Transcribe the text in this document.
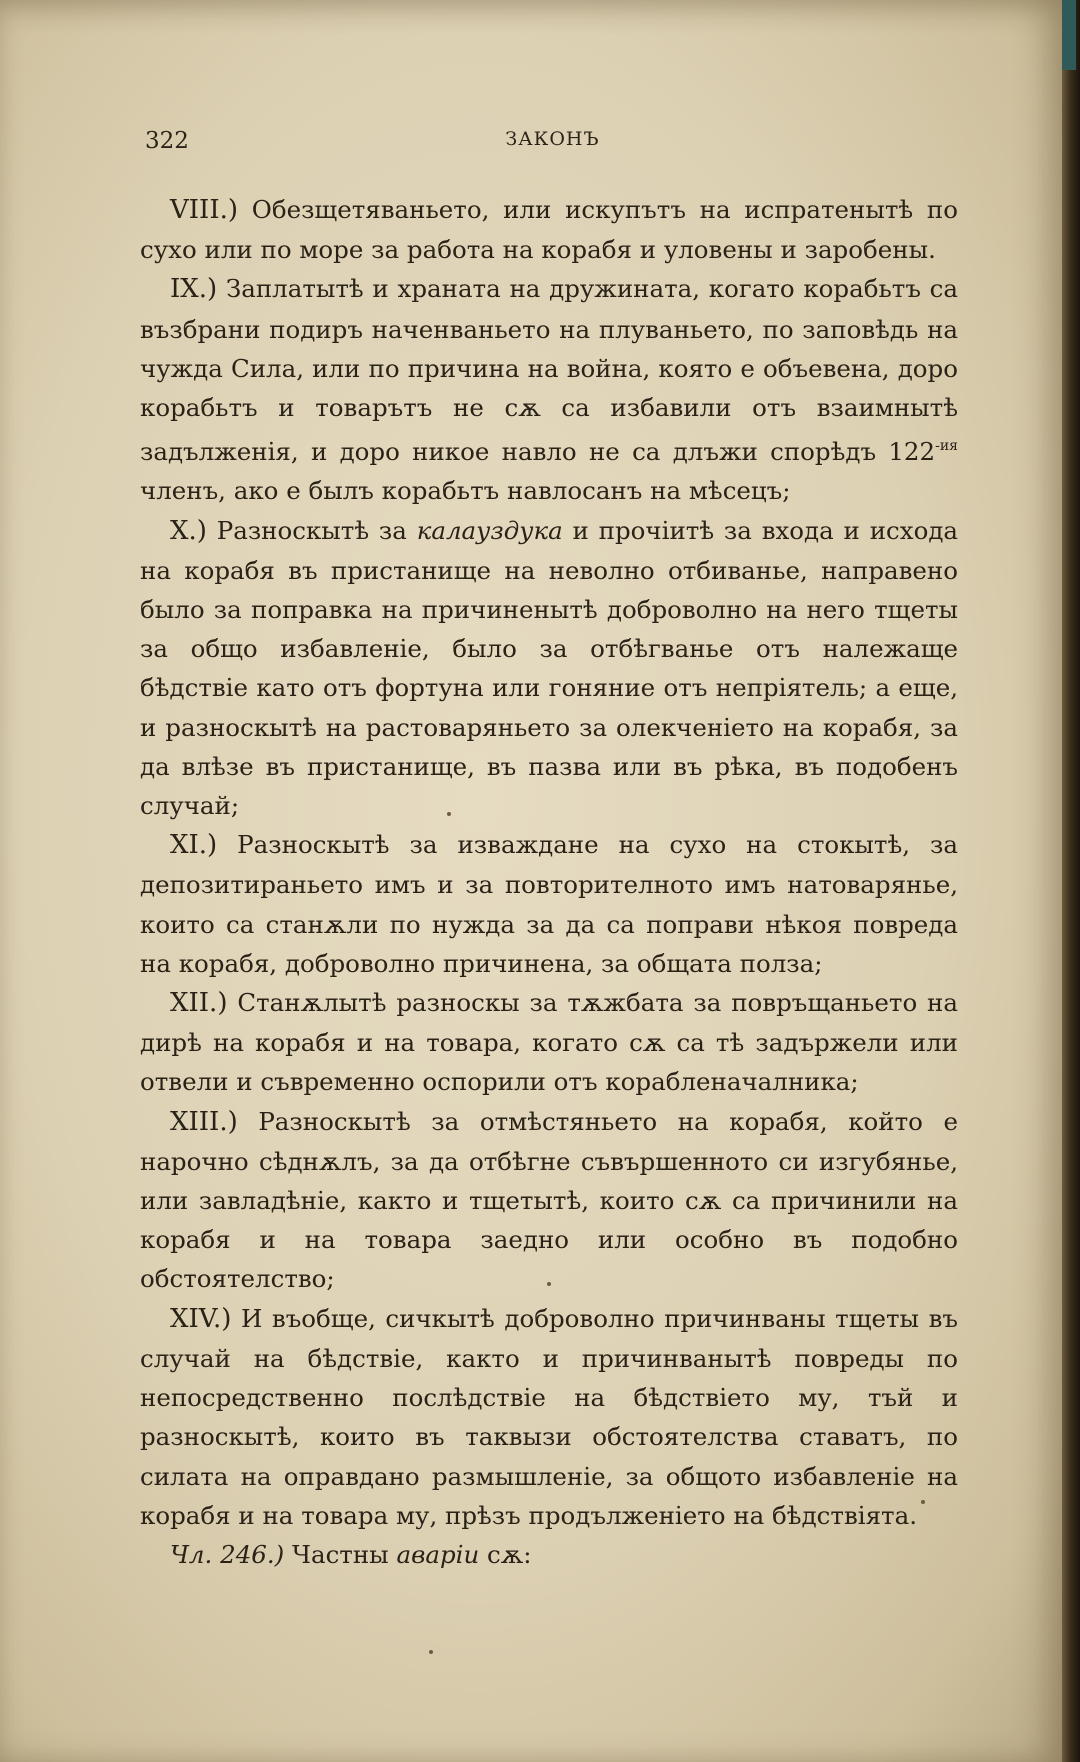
ЗАКОНЪ
322

VIII.) Обезщетяваньето, или искупътъ на испратенытѣ по сухо или по море за работа на корабя и уловены и заробены.

IX.) Заплатытѣ и храната на дружината, когато корабьтъ са възбрани подиръ наченваньето на плуваньето, по заповѣдь на чужда Сила, или по причина на война, която е объевена, доро корабьтъ и товарътъ не сѫ са избавили отъ взаимнытѣ задълженія, и доро никое навло не са длъжи спорѣдъ $122^{-ия}$ членъ, ако е былъ корабьтъ навлосанъ на мѣсецъ;

X.) Разноскытѣ за калауздука и прочіитѣ за входа и исхода на корабя въ пристанище на неволно отбиванье, направено было за поправка на причиненытѣ доброволно на него тщеты за общо избавленіе, было за отбѣгванье отъ належаще бѣдствіе като отъ фортуна или гоняние отъ непріятель; а еще, и разноскытѣ на растоваряньето за олекченіето на корабя, за да влѣзе въ пристанище, въ пазва или въ рѣка, въ подобенъ случай;

XI.) Разноскытѣ за изваждане на сухо на стокытѣ, за депозитираньето имъ и за повторителното имъ натоварянье, които са станѫли по нужда за да са поправи нѣкоя повреда на корабя, доброволно причинена, за общата полза;

XII.) Станѫлытѣ разноскы за тѫжбата за повръщаньето на дирѣ на корабя и на товара, когато сѫ са тѣ задържели или отвели и съвременно оспорили отъ корабленачалника;

XIII.) Разноскытѣ за отмѣстяньето на корабя, който е нарочно сѣднѫлъ, за да отбѣгне съвършенното си изгубянье, или завладѣніе, както и тщетытѣ, които сѫ са причинили на корабя и на товара заедно или особно въ подобно обстоятелство;

XIV.) И въобще, сичкытѣ доброволно причинваны тщеты въ случай на бѣдствіе, както и причинванытѣ повреды по непосредственно послѣдствіе на бѣдствіето му, тъй и разноскытѣ, които въ таквызи обстоятелства ставатъ, по силата на оправдано размышленіе, за общото избавленіе на корабя и на товара му, прѣзъ продълженіето на бѣдствіята.

Чл. 246.) Частны аварiи сѫ:
